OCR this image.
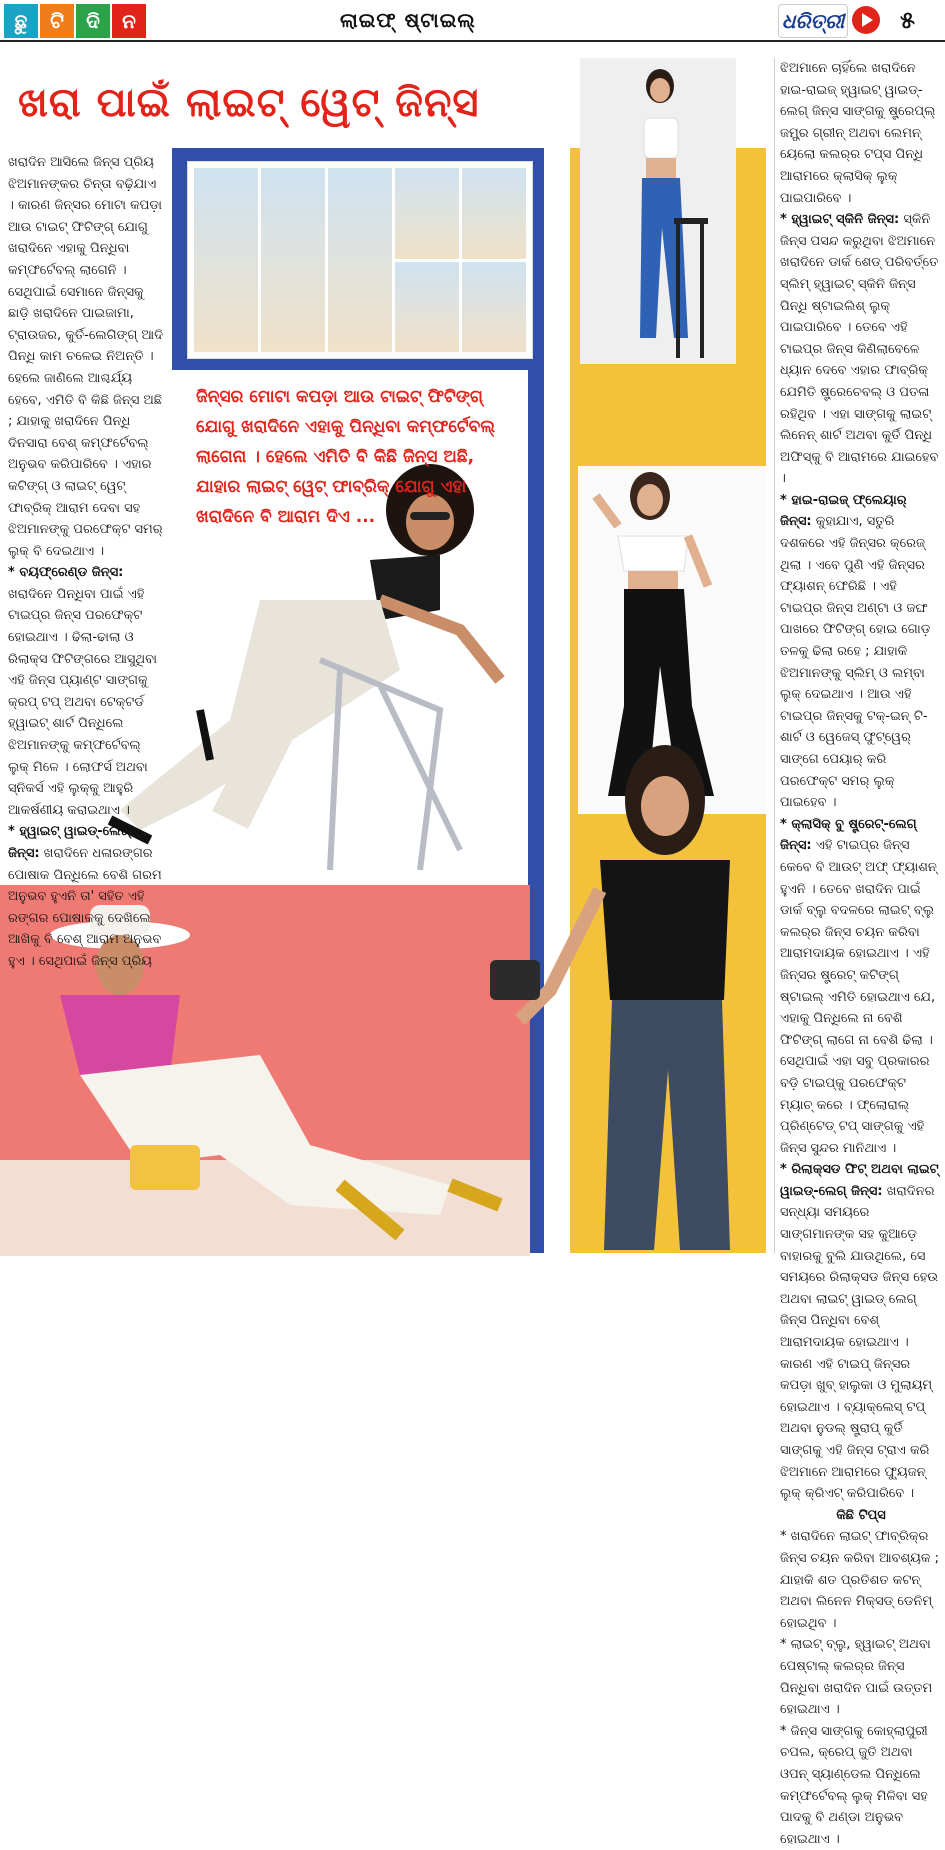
ଛୁ	ଟି	ଦି	ନ	ଲାଇଫ୍ ଷ୍ଟାଇଲ୍	ଧରିତ୍ରୀ ୫
ଖରା ପାଇଁ ଲାଇଟ୍ ୱେଟ୍ ଜିନ୍ସ
ଜିନ୍ସର ମୋଟା କପଡ଼ା ଆଉ ଟାଇଟ୍ ଫିଟିଙ୍ଗ୍ ଯୋଗୁ ଖରାଦିନେ ଏହାକୁ ପିନ୍ଧିବା କମ୍ଫର୍ଟେବଲ୍ ଲାଗେନା । ହେଲେ ଏମିତି ବି କିଛି ଜିନ୍ସ ଅଛି, ଯାହାର ଲାଇଟ୍ ୱେଟ୍ ଫାବ୍ରିକ୍ ଯୋଗୁ ଏହା ଖରାଦିନେ ବି ଆରାମ ଦିଏ ...

ଖରାଦିନ ଆସିଲେ ଜିନ୍ସ ପ୍ରିୟ ଝିଅମାନଙ୍କର ଚିନ୍ତା ବଢ଼ିଯାଏ । କାରଣ ଜିନ୍ସର ମୋଟା କପଡ଼ା ଆଉ ଟାଇଟ୍ ଫିଟିଙ୍ଗ୍ ଯୋଗୁ ଖରାଦିନେ ଏହାକୁ ପିନ୍ଧିବା କମ୍ଫର୍ଟେବଲ୍ ଲାଗେନି । ସେଥିପାଇଁ ସେମାନେ ଜିନ୍ସକୁ ଛାଡ଼ି ଖରାଦିନେ ପାଇଜାମା, ଟ୍ରାଉଜର, କୁର୍ତି-ଲେଗିଙ୍ଗ୍ ଆଦି ପିନ୍ଧି କାମ ଚଳେଇ ନିଅନ୍ତି । ହେଲେ ଜାଣିଲେ ଆଶ୍ଚର୍ଯ୍ୟ ହେବେ, ଏମିତି ବି କିଛି ଜିନ୍ସ ଅଛି ; ଯାହାକୁ ଖରାଦିନେ ପିନ୍ଧି ଦିନସାରା ବେଶ୍ କମ୍ଫର୍ଟେବଲ୍ ଅନୁଭବ କରିପାରିବେ । ଏହାର କଟିଙ୍ଗ୍ ଓ ଲାଇଟ୍ ୱେଟ୍ ଫାବ୍ରିକ୍ ଆରାମ ଦେବା ସହ ଝିଅମାନଙ୍କୁ ପରଫେକ୍ଟ ସମର୍ ଲୁକ୍ ବି ଦେଇଥାଏ ।

* ବୟଫ୍ରେଣ୍ଡ ଜିନ୍ସ: ଖରାଦିନେ ପିନ୍ଧିବା ପାଇଁ ଏହି ଟାଇପ୍‌ର ଜିନ୍ସ ପରଫେକ୍ଟ ହୋଇଥାଏ । ଢିଲା-ଢାଲା ଓ ରିଲାକ୍ସ ଫିଟିଙ୍ଗରେ ଆସୁଥିବା ଏହି ଜିନ୍ସ ପ୍ୟାଣ୍ଟ ସାଙ୍ଗକୁ କ୍ରପ୍ ଟପ୍ ଅଥବା ଟେକ୍‌ଟର୍ଡ ହ୍ୱାଇଟ୍ ଶାର୍ଟ ପିନ୍ଧିଲେ ଝିଅମାନଙ୍କୁ କମ୍ଫର୍ଟେବଲ୍ ଲୁକ୍ ମିଳେ । ଲୋଫର୍ସ ଅଥବା ସ୍ନିକର୍ସ ଏହି ଲୁକ୍‌କୁ ଆହୁରି ଆକର୍ଷଣୀୟ କରାଇଥାଏ ।

* ହ୍ୱାଇଟ୍ ୱାଇଡ୍-ଲେଗ୍ ଜିନ୍ସ: ଖରାଦିନେ ଧଳାରଙ୍ଗର ପୋଷାକ ପିନ୍ଧିଲେ ବେଶି ଗରମ ଅନୁଭବ ହୁଏନି ତା' ସହିତ ଏହି ରଙ୍ଗର ପୋଷାକକୁ ଦେଖିଲେ ଆଖିକୁ ବି ବେଶ୍ ଆରାମ ଅନୁଭବ ହୁଏ । ସେଥିପାଇଁ ଜିନ୍ସ ପ୍ରିୟ

ଝିଅମାନେ ଚାହିଁଲେ ଖରାଦିନେ ହାଇ-ରାଇଜ୍ ହ୍ୱାଇଟ୍ ୱାଇଡ୍-ଲେଗ୍ ଜିନ୍ସ ସାଙ୍ଗକୁ ଷ୍ଟ୍ରେପ୍‌ଲ୍ ଜମ୍ଫ୍ର ଗ୍ରୀନ୍ ଅଥବା ଲେମନ୍ ୟେଲୋ କଲର୍‌ର ଟପ୍ସ ପିନ୍ଧି ଆରାମରେ କ୍ଲାସିକ୍ ଲୁକ୍ ପାଇପାରିବେ ।

* ହ୍ୱାଇଟ୍ ସ୍କିନି ଜିନ୍ସ: ସ୍କିନି ଜିନ୍ସ ପସନ୍ଦ କରୁଥିବା ଝିଅମାନେ ଖରାଦିନେ ଡାର୍କ ଶେଡ୍ ପରିବର୍ତ୍ତେ ସ୍ଲିମ୍ ହ୍ୱାଇଟ୍ ସ୍କିନି ଜିନ୍ସ ପିନ୍ଧି ଷ୍ଟାଇଲିଶ୍ ଲୁକ୍ ପାଇପାରିବେ । ତେବେ ଏହି ଟାଇପ୍‌ର ଜିନ୍ସ କିଣିଲାବେଳେ ଧ୍ୟାନ ଦେବେ ଏହାର ଫାବ୍ରିକ୍ ଯେମିତି ଷ୍ଟ୍ରେଚେବଲ୍ ଓ ପତଳା ରହିଥିବ । ଏହା ସାଙ୍ଗକୁ ଲାଇଟ୍ ଲିନେନ୍ ଶାର୍ଟ ଅଥବା କୁର୍ତି ପିନ୍ଧି ଅଫିସ୍‌କୁ ବି ଆରାମରେ ଯାଇହେବ ।

* ହାଇ-ରାଇଜ୍ ଫ୍ଲେୟାର୍ ଜିନ୍ସ: କୁହାଯାଏ, ସତୁରି ଦଶକରେ ଏହି ଜିନ୍ସର କ୍ରେଜ୍ ଥିଲା । ଏବେ ପୁଣି ଏହି ଜିନ୍ସର ଫ୍ୟାଶନ୍ ଫେରିଛି । ଏହି ଟାଇପ୍‌ର ଜିନ୍ସ ଅଣ୍ଟା ଓ ଜଙ୍ଘ ପାଖରେ ଫିଟିଙ୍ଗ୍ ହୋଇ ଗୋଡ଼ ତଳକୁ ଢିଲା ରହେ ; ଯାହାକି ଝିଅମାନଙ୍କୁ ସ୍ଲିମ୍ ଓ ଲମ୍ବା ଲୁକ୍ ଦେଇଥାଏ । ଆଉ ଏହି ଟାଇପ୍‌ର ଜିନ୍ସକୁ ଟକ୍-ଇନ୍ ଟି-ଶାର୍ଟ ଓ ୱେଜେସ୍ ଫୁଟ୍‌ୱେର୍ ସାଙ୍ଗେ ପେୟାର୍ କରି ପରଫେକ୍ଟ ସମର୍ ଲୁକ୍ ପାଇହେବ ।

* କ୍ଲାସିକ୍ ବୁ ଷ୍ଟ୍ରେଟ୍-ଲେଗ୍ ଜିନ୍ସ: ଏହି ଟାଇପ୍‌ର ଜିନ୍ସ କେବେ ବି ଆଉଟ୍ ଅଫ୍ ଫ୍ୟାଶନ୍ ହୁଏନି । ତେବେ ଖରାଦିନ ପାଇଁ ଡାର୍କ ବ୍ଲୁ ବଦଳରେ ଲାଇଟ୍ ବ୍ଲୁ କଲର୍‌ର ଜିନ୍ସ ଚୟନ କରିବା ଆରାମଦାୟକ ହୋଇଥାଏ । ଏହି ଜିନ୍ସର ଷ୍ଟ୍ରେଟ୍ କଟିଙ୍ଗ୍ ଷ୍ଟାଇଲ୍ ଏମିତି ହୋଇଥାଏ ଯେ, ଏହାକୁ ପିନ୍ଧିଲେ ନା ବେଶି ଫିଟିଙ୍ଗ୍ ଲାଗେ ନା ବେଶି ଢିଲା । ସେଥିପାଇଁ ଏହା ସବୁ ପ୍ରକାରର ବଡ଼ି ଟାଇପ୍‌କୁ ପରଫେକ୍ଟ ମ୍ୟାଚ୍ କରେ । ଫ୍ଲୋରାଲ୍ ପ୍ରିଣ୍ଟେଡ୍ ଟପ୍ ସାଙ୍ଗକୁ ଏହି ଜିନ୍ସ ସୁନ୍ଦର ମାନିଥାଏ ।

* ରିଲାକ୍ସଡ ଫିଟ୍ ଅଥବା ଲାଇଟ୍ ୱାଇଡ୍-ଲେଗ୍ ଜିନ୍ସ: ଖରାଦିନର ସନ୍ଧ୍ୟା ସମୟରେ ସାଙ୍ଗମାନଙ୍କ ସହ କୁଆଡ଼େ ବାହାରକୁ ବୁଲି ଯାଉଥିଲେ, ସେ ସମୟରେ ରିଲାକ୍ସଡ ଜିନ୍ସ ହେଉ ଅଥବା ଲାଇଟ୍ ୱାଇଡ୍ ଲେଗ୍ ଜିନ୍ସ ପିନ୍ଧିବା ବେଶ୍ ଆରାମଦାୟକ ହୋଇଥାଏ । କାରଣ ଏହି ଟାଇପ୍ ଜିନ୍ସର କପଡ଼ା ଖୁବ୍ ହାଲୁକା ଓ ମୁଲାୟମ୍ ହୋଇଥାଏ । ବ୍ୟାକ୍‌ଲେସ୍ ଟପ୍ ଅଥବା ନୁଡଲ୍ ଷ୍ଟ୍ରାପ୍ କୁର୍ତି ସାଙ୍ଗକୁ ଏହି ଜିନ୍ସ ଟ୍ରାଏ କରି ଝିଅମାନେ ଆରାମରେ ଫ୍ୟୁଜନ୍ ଲୁକ୍ କ୍ରିଏଟ୍ କରିପାରିବେ ।

କିଛି ଟିପ୍ସ

* ଖରାଦିନେ ଲାଇଟ୍ ଫାବ୍ରିକ୍‌ର ଜିନ୍ସ ଚୟନ କରିବା ଆବଶ୍ୟକ ; ଯାହାକି ଶତ ପ୍ରତିଶତ କଟନ୍ ଅଥବା ଲିନେନ ମିକ୍ସଡ୍ ଡେନିମ୍ ହୋଇଥିବ ।

* ଲାଇଟ୍ ବ୍ଲୁ, ହ୍ୱାଇଟ୍ ଅଥବା ପେଷ୍ଟାଲ୍ କଲର୍‌ର ଜିନ୍ସ ପିନ୍ଧିବା ଖରାଦିନ ପାଇଁ ଉତ୍ତମ ହୋଇଥାଏ ।

* ଜିନ୍ସ ସାଙ୍ଗକୁ କୋହ୍ଲାପୁରୀ ଚପଲ, କ୍ରେପ୍ ଜୁତି ଅଥବା ଓପନ୍ ସ୍ୟାଣ୍ଡେଲ ପିନ୍ଧିଲେ କମ୍ଫର୍ଟେବଲ୍ ଲୁକ୍ ମିଳିବା ସହ ପାଦକୁ ବି ଥଣ୍ଡା ଅନୁଭବ ହୋଇଥାଏ ।
